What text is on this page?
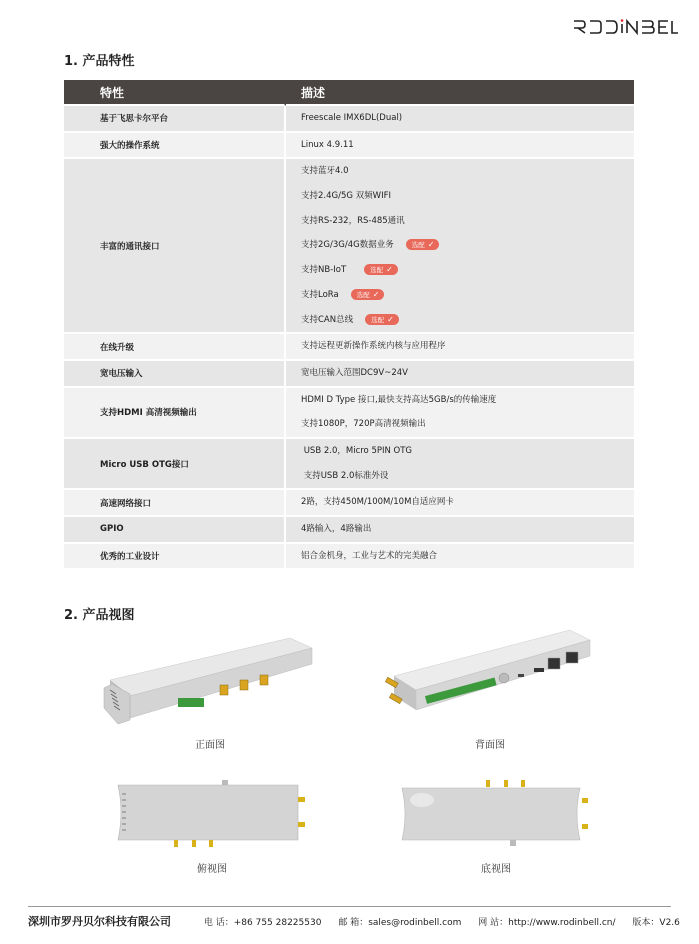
1. 产品特性
特性	描述
基于飞思卡尔平台	Freescale IMX6DL(Dual)

强大的操作系统	Linux 4.9.11

丰富的通讯接口	
支持蓝牙4.0
支持2.4G/5G 双频WIFI
支持RS-232，RS-485通讯
支持2G/3G/4G数据业务	选配 ✓
支持NB-IoT	选配 ✓
支持LoRa	选配 ✓
支持CAN总线	选配 ✓

在线升级	支持远程更新操作系统内核与应用程序

宽电压输入	宽电压输入范围DC9V~24V

支持HDMI 高清视频输出	HDMI D Type 接口,最快支持高达5GB/s的传输速度
支持1080P，720P高清视频输出

Micro USB OTG接口	USB 2.0，Micro 5PIN OTG
支持USB 2.0标准外设

高速网络接口	2路，支持450M/100M/10M自适应网卡

GPIO	4路输入，4路输出

优秀的工业设计	铝合金机身，工业与艺术的完美融合
2. 产品视图
正面图	背面图
俯视图	底视图
深圳市罗丹贝尔科技有限公司	电 话：+86 755 28225530 邮 箱：sales@rodinbell.com 网 站：http://www.rodinbell.cn/ 版本：V2.6
